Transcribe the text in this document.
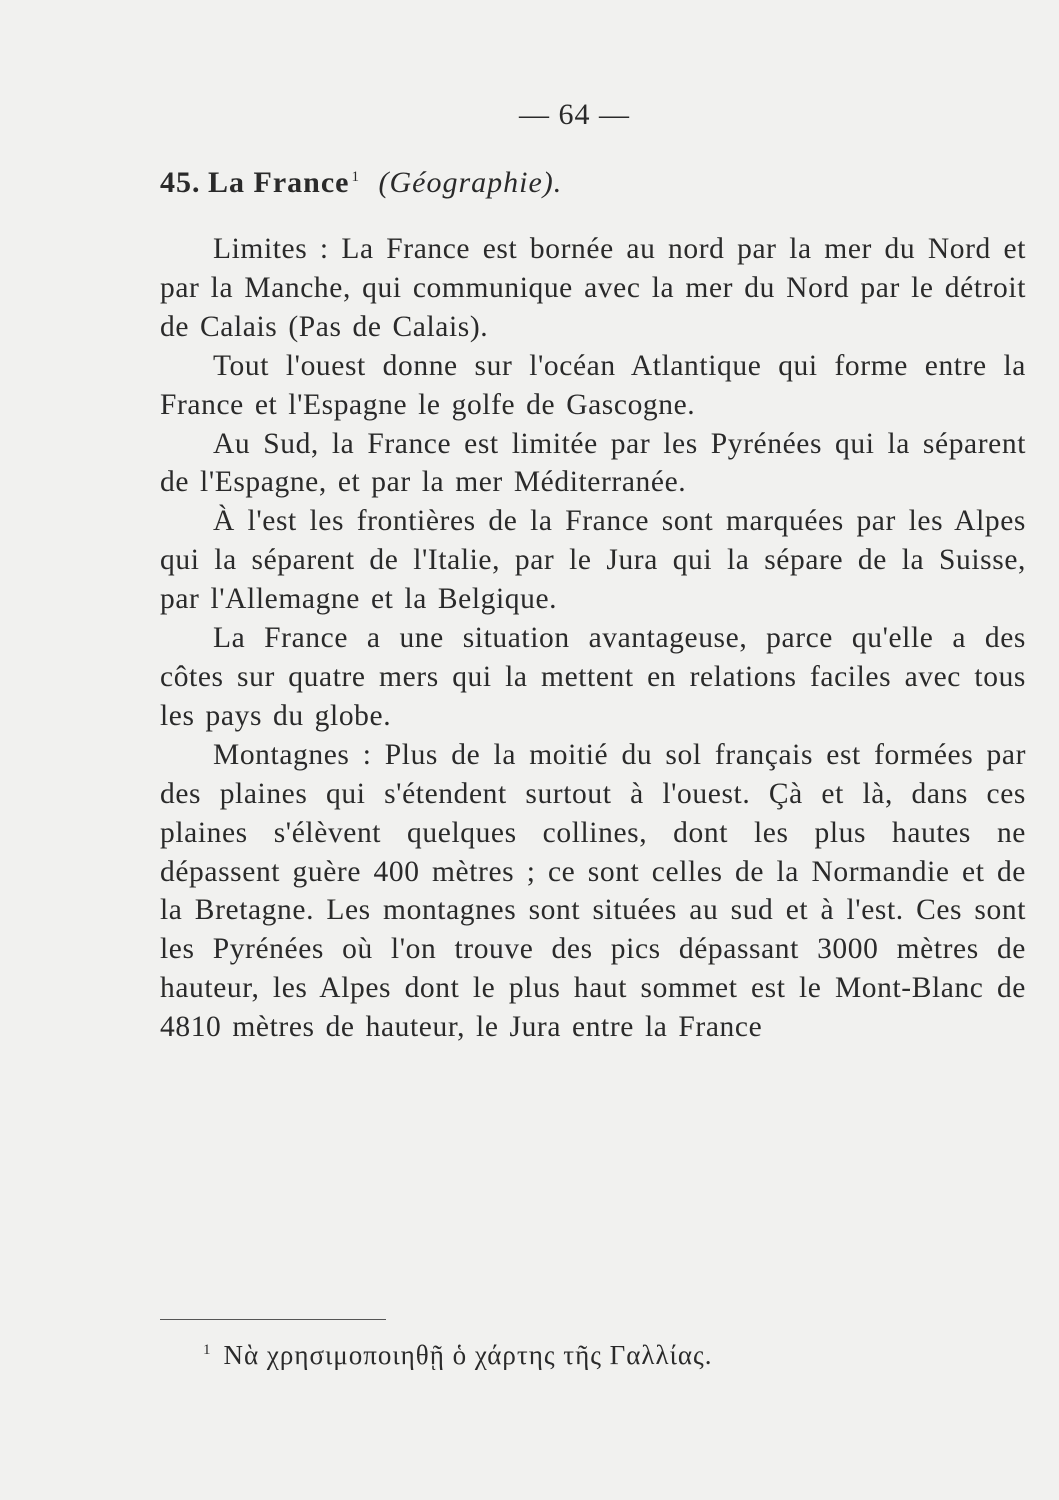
— 64 —
45. La France $^1$ (Géographie).

Limites : La France est bornée au nord par la mer du Nord et par la Manche, qui communique avec la mer du Nord par le détroit de Calais (Pas de Calais).

Tout l'ouest donne sur l'océan Atlantique qui forme entre la France et l'Espagne le golfe de Gascogne.

Au Sud, la France est limitée par les Pyrénées qui la séparent de l'Espagne, et par la mer Méditerranée.

À l'est les frontières de la France sont marquées par les Alpes qui la séparent de l'Italie, par le Jura qui la sépare de la Suisse, par l'Allemagne et la Belgique.

La France a une situation avantageuse, parce qu'elle a des côtes sur quatre mers qui la mettent en relations faciles avec tous les pays du globe.

Montagnes : Plus de la moitié du sol français est formées par des plaines qui s'étendent surtout à l'ouest. Çà et là, dans ces plaines s'élèvent quelques collines, dont les plus hautes ne dépassent guère 400 mètres ; ce sont celles de la Normandie et de la Bretagne. Les montagnes sont situées au sud et à l'est. Ces sont les Pyrénées où l'on trouve des pics dépassant 3000 mètres de hauteur, les Alpes dont le plus haut sommet est le Mont-Blanc de 4810 mètres de hauteur, le Jura entre la France

$^1$ Νὰ χρησιμοποιηθῇ ὁ χάρτης τῆς Γαλλίας.
